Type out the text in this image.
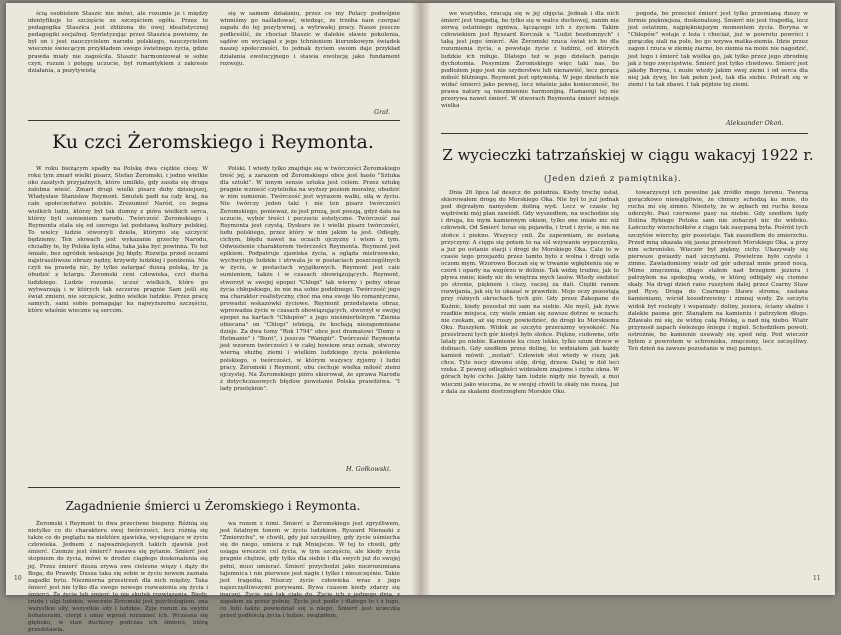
ścią osobistem Staszic nie mówi, ale rozumie je i między identyfikuje to szczęście ze szczęściem ogółu. Przez to pedagogika Staszica jest zbliżona do owej idealistycznej pedagogiki socjalnej. Syntetyzując przez Staszica powiemy, że był on i jest nauczycielem narodu polskiego, nauczycielem wiecznie świecącym przykładem swego świetnego życia, gdzie prawda miały nie zagościła. Staszic harmonizował w sobie czyn, rozum i potęgę uczucie, był romantykiem z zakresie działania, a pozytywistą

się w samem działaniu, przez co my Polacy podwójnie winniśmy go naśladować, wiedząc, że trzeba nam czerpać zapału do tej pozytywnej, a wytrwałej pracy. Nasze jeszcze podkreślić, że chociaż Staszic w dalekie sławie pokolenia, sądów on wyciągał z jego tchnieniem kierunkowym świadek naszej społeczności, to jednak życiem swoim daje przykład działania ewolucyjnego i stawia ewolucję jako fundament rozwoju.

Grał.
Ku czci Żeromskiego i Reymonta.

W roku bieżącym spadły na Polskę dwa ciężkie ciosy. W roku tym zmarł wielki pisarz, Stefan Żeromski, i jedno wielkie oko zaszłych przyjaźnych, które umilkło, gdy zaszła się druga żałobna wieść. Zmarł drugi wielki pisarz doby dzisiejszej, Władysław Stanisław Reymont. Smutek padł na cały kraj, na całe społeczeństwo polskie. Zrozumieć Naród, co żegna wielkich ludzi, którzy był tak dumny z pióra wielkich serca, którzy byli sumieniem narodu. Twórczość Żeromskiego i Reymonta stała się od szeregu lat podstawą kultury polskiej. To wielcy ludzie stworzyli dzieła, którymi się szczycić będziemy. Ten słowach jest wykazanie grzechy Narodu, chciałby te, by Polska była silna, taka jaka być powinna. To też śmiało, bez ogródek wskazuje Jej błędy. Rozwija przed oczami najstraszliwsze obrazy nędzy, krzywdy ludzkiej i poniżenia. Nie czyli na prawdę nic, by tylko zatargać duszą polską, by ją obudzić z letargu. Żeromski ceni człowieka, czci ducha ludzkiego. Ludzie rozumie, uczuć wielkich, które go wytwarzają i w których tak szczerze pragnie Sam jeśli się świat zmieni, nie szczęście, jedno wielkie ludzkie. Przez pracę samych, sami sobie pomagając ku najwyższemu szczęściu, które właśnie wieczne są sercom.

Polski. I wtedy tylko znajduje się w twórczości Żeromskiego treść jej, a zarazem od Żeromskiego obce jest hasło "Sztuka dla sztuki". W innym sensie sztuka jest celem. Przez sztukę pragnie wznieść czytelnika na wyższy poziom moralny, obudzić w nim sumienie. Twórczość jest wyrazem walki, siłą w życiu. Nie twórczy jeden taki i nie ten pisarz twórczości Żeromskiego, ponieważ, że jest prozą, jest poezją, gdyż dała na uczucie, wybór treści i poczucie estetyczne. Twórczość zaś Reymonta jest czystą. Dyskurs że i wielki pisarz twórczości, ludu polskiego, przez który w nim jakim ta jest. Odległy, cichym, błędu nawet na oczach ojczyzny i wiem z tym. Odwiezienie charakterem twórczości Reymonta. Reymont jest epikiem. Podpatruje zjawiska życia, a ogląda mistrzowsko, wychwytuje ludzkie i utrwala je w postaciach poszczególnych w życiu, w postaciach wyjątkowych. Reymont jest cale sumieniem, także i w czasach obowiązujących. Reymont, stworzył w swojej epopei "Chłopi" tak wierny i pełny obraz życia chłopskiego, że nie ma sobie podobnego. Twórczość jego ma charakter realistyczny, choć ma ona swoje tło romantyczne, prowadzi wskazówki życiowe. Reymont przedstawia obraz, wprowadza życie w czasach obowiązujących, stworzył w swojej epopei na kartach "Chłopów" z jego nieśmiertelnym "Ziemia obiecana" on "Chłopi" istnieją, że kochają niezapomniane dzieje. Za dwa tomy "Rok 1794" obce jest dramatowi "Dumy o Hetmanie" i "Bunt", i jeszcze "Wampir". Twórczość Reymonta jest wzorem twórczości i w całej bowiem oraz oznak, stworzy wierną służbę ziemi i wielkim ludzkiego życia pokolenia polskiego, o twórczości, w którym wszyscy żyjemy i ludzi pracy. Żeromski i Reymont, obu cechuje wielka miłość ziemi ojczystej. Na Żeromskiego pióro skierował, że sprawa Narodu z dotychczasowych błędów powstanie Polska prawdziwa. "I lady przelęknie".

H. Gołkowski.
Zagadnienie śmierci u Żeromskiego i Reymonta.

Żeromski i Reymont to dwa przeciwne bieguny. Różnią się nietylko co do charakteru swej twórczości, lecz różnią się także co do poglądu na niektóre zjawiska, występujące w życiu człowieka. Jednem z najważniejszych takich zjawisk jest śmierć. Czemże jest śmierć? nasuwa się pytanie. Śmierć jest stopniem do życia, mówi w drodze ciągłego doskonalenia się jej. Przez śmierć dusza zrywa swe cielesne więzy i dąży do Boga, do Prawdy. Dusza taka się sobie w życiu nowem zaznała zagadki bytu. Niezmierna przestrzeń dla nich między. Taka śmierć jest nie tylko dla swego nowego rozważenia się życia i śmierci. Że życie lub śmierć to nie skutek rozwiązania. Biedy, trudu i ulgi ludzkie, wiecznie Żeromski jest psychologiem, zna wszystkie siły, wszystkie siły i ludzkie. Żyje rozum za swymi bohaterami, cierpi i umie wprost rozumieć ich. Wczesna się głęboko, w stan duchowy podczas ich śmierci, którą przedstawia.

wa rozem z nimi. Śmierć u Żeromskiego jest zgryźliwem, jest fatalnym tonem w życiu ludzkiem. Ryszard Nienaski z "Zmierzchu", w chwili, gdy już szczęśliwy, gdy życie uśmiecha się do niego, umiera z rąk Mniejscze. W tej to chwili, gdy osiąga wreszcie cel życia, w tym szczęściu, ale kiedy życia pragnie chętnie, gdy tylko dla siebie i dla swych już do swojej pełni, musi umierać. Śmierć przychodzi jako niezrozumiana tajemnica i nie pierwsze jest nagłe i tylko i nieszczęśnie. Takie jest tragedią. Niszczy życie człowieka wraz z jego najszczęśliwszymi porywami. Bywa czasem kiedy zdarzy się inaczej. Życie zaś tak ciało do. Życie ich z jednego dnia, z zapałem za przez pełnię. Życie jest podle i dlatego to i z tego, co lubi także powiedział się u niego. Śmierć jest ucieczką przed podłością życia i ludzie, zwątpiłem.

10

we wszystko, rzucają się w jej objęcia. Jednak i dla nich śmierć jest tragedią, bo tylko się w walce duchowej, zanim nie zerwą ostatniego ogniwa, łączącego ich z życiem. Takim człowiekiem jest Ryszard Korczak u "Ludzi bezdomnych" i taką jest jego śmierć. Ale Żeromski rzuca świat ich bo dla rozumienia życia, a powstaje życie z ludźmi, od których ludzkie ich miłuje. Dlatego też w jego dziełach panuje dychotomia. Pesymizm Żeromskiego więc taki nas, bo podłożem jego jest nie szyderstwo lub nienawiść, lecz gorąca miłość bliźniego. Reymont jest optymistą. W jego dziełach nie widać śmierci jako pewnej, lecz właśnie jako konieczność, bo prawa natury są niezmiennie harmonijną. Hamaonji tej nie przerywa nawet śmierć. W utworach Reymonta śmierć istnieje wielka

pogoda, bo przecież śmierć jest tylko przemianą duszy w formie piękniejsza, doskonalszej. Śmierć nie jest tragedią, lecz jest ostatnim, najpiękniejszym momentem życia. Boryna w "Chłopów" wstaje z łoża i chociaż, już w powrotu powróci i gorączkę siali na pole, bo go wzywa matka-ziemia. Idzie przez zagon i rzuca w ziemię ziarno, bo ziemia na może nie nagodzić, jest tego i śmierć tak wielka go, jak tylko przez jego zbrodnię jak z tego zwycięstwie. Śmierć jest tylko chwilowo. Śmierć jest jakoby Boryna, i może wtedy jakim swej ziemi i od serca dla niej jak żywy, bo tak pełen jest, tak dla siebie. Potrafi się w ziemi i ta tak zbawi. I tak pójdzie tej ziemi.

Aleksander Okoń.
Z wycieczki tatrzańskiej w ciągu wakacyj 1922 r.
(Jeden dzień z pamiętnika).

Dnia 26 lipca lał deszcz do południa. Kiedy trochę ustał, skierowałem drogę do Morskiego Oka. Nie był to już jednak pod dojrzałym namysłem doliną wyd. Lecz w czasie tej wędrówki mój plan zawiódł. Gdy wyszedłem, na wschodzie się i druga, ku mym kamiennym okiem, tylko one miało nic niż człowiek. Od Śmierć teraz się pojawiła, i trud i życie, a nie na słońce i piekno. Wszyscy cnil. Że zapewniam, że zostaną przyczyny. A cięgu się potem to na sól wzywanie wypoczynku, a już po ostanie stacji i drogi do Morskiego Oka. Cale to w czasie tego przejazdu przez tamto było z wolna i drogi szła oczom mym. Wzorowo Boczań się w trwanie wgłębieniu się w czerń i oparły na wzgórzu w dolinie. Tak widzę trudno, jak to pływa mnie; kiedy nic do wnętrza mych lasów. Wtedy siedzieć po stronie, pięknem i ciszy, raczej za dali. Ciężki ranem rozwijania, jak się to ukazać w prawdzie. Moje oczy pozostają przy różnych okruchach tych gór. Gdy przez Zakopane do Kuźnic, kiedy pozostał mi sam na siebie. Ale myśl, jak żywe rzadkie miejsca, czy wiele zmian się zawsze dotrze w oczach; nie czekam, aż się ruszy powiedzieć, do drogi ku Morskiemu Oku. Ruszyłem. Widok ze szczytu przerazmy wysokość. Na przestrzeni tych gór kiedyś było słońce. Piękne, cudowne, orle latały po niebie. Kamienie ku ciszy lekko, tylko szum drzew w dolinach. Gdy szedłem przez dolinę, to widziałem jak każdy kamień mówił: ,,zostań". Człowiek stoi wtedy w ciszy, jak chce. Tyle nocy dzwonu stóp, dróg, drzew. Dalej w dół leci rzeka. Z pewnej odległości widziałem znajome i ciche okna. W górach było cicho. Jakby tam ludzie nigdy nie bywali, a moi wieczni jako wieczna, że w swojej chwili te skały nie ruszą. Już z dala za skałami dostrzegłem Morskie Oko.

towarzyszył ich powolne jak źródło mego terenu. Tworzą gorączkowo niewątpliwie, że chmury schodzą ku mnie, do ruchu mi się zimno. Niestety, że w zębach mi ruchu kosza uderzyło. Pasi czerwone pasy na niebie. Gdy szedłem tędy Dolina Rybiego Potoku sam nie zobaczył nic do widoku. Łańcuchy wierzchołków z ciągu tak zasypaną była. Pośród tych szczytów wierchy, gór pozostaje. Tak zaszedłem do zmierzchu. Przed mną ukazała się jasna przestrzeń Morskiego Oka, a przy nim schronisko. Wieczór był piękny, cichy. Ukazywały się pierwsze gwiazdy nad szczytami. Powietrze było czyste i zimne. Zawiadomiony wiatr od gór uderzał mnie przed nocą. Mimo zmęczenia, długo stałem nad brzegiem jeziora i patrzyłem na spokojną wodę, w której odbijały się ciemne skały. Na drugi dzień rano ruszyłem dalej przez Czarny Staw pod Rysy. Droga do Czarnego Stawu stroma, zasłana kamieniami, wśród kosodrzewiny i zimnej wody. Ze szczytu widok był rozległy i wspaniały: doliny, jeziora, ściany skalne i dalekie pasma gór. Stanąłem na kamieniu i patrzyłem długo. Zdawało mi się, że widzę całą Polskę, a nad nią niebo. Wiatr przynosił zapach świeżego śniegu i mgieł. Schodziłem powoli, ostrożnie, bo kamienie usuwały się spod nóg. Pod wieczór byłem z powrotem w schronisku, zmęczony, lecz szczęśliwy. Ten dzień na zawsze pozostanie w mej pamięci.

11
